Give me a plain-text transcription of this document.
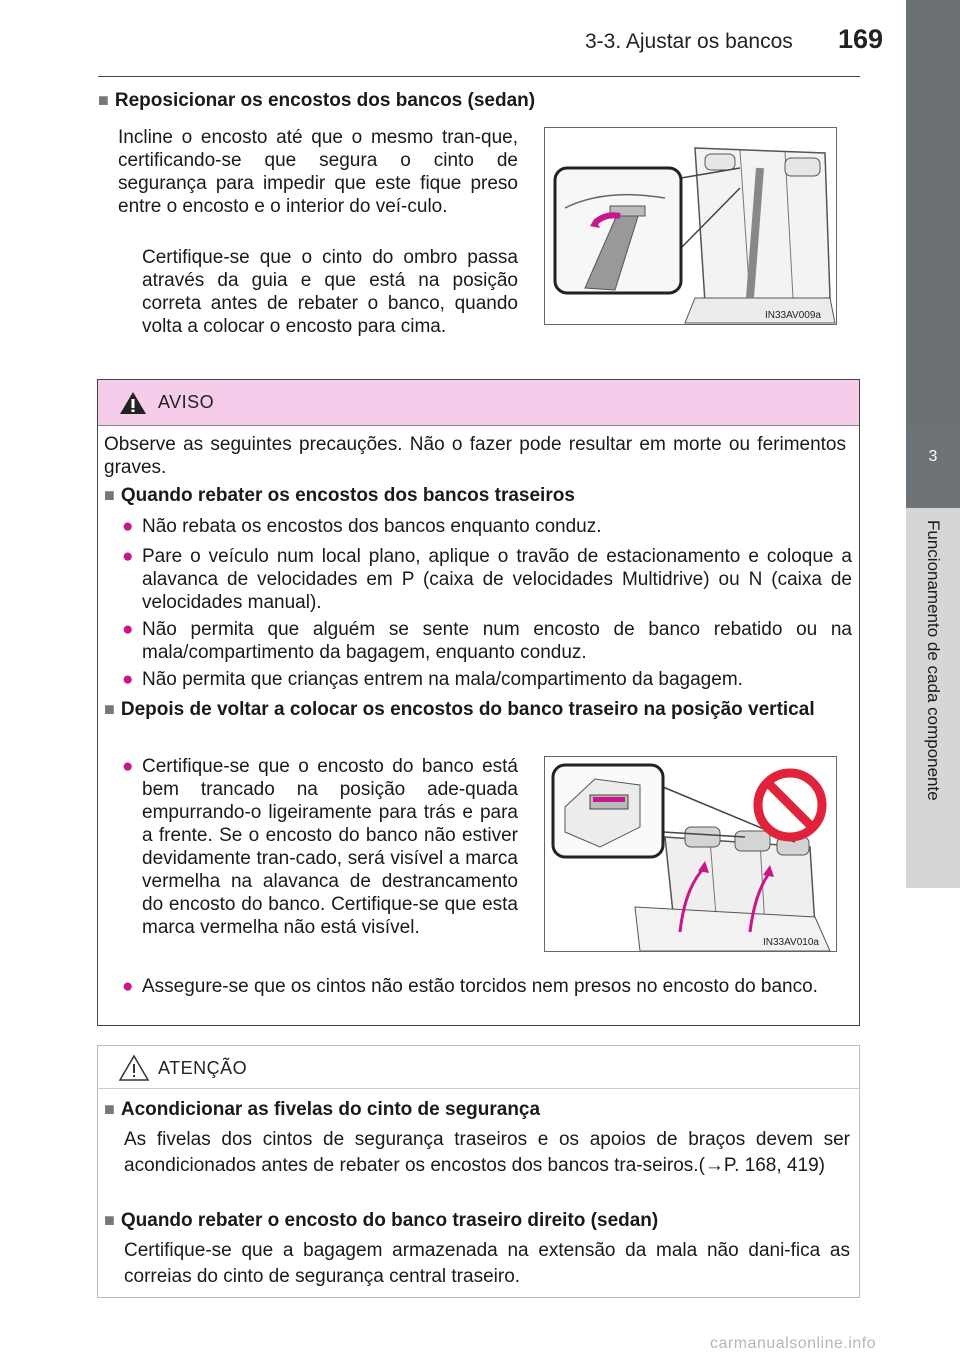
3-3. Ajustar os bancos 169
3
Funcionamento de cada componente
■ Reposicionar os encostos dos bancos (sedan)
Incline o encosto até que o mesmo tran-que, certificando-se que segura o cinto de segurança para impedir que este fique preso entre o encosto e o interior do veí-culo.
Certifique-se que o cinto do ombro passa através da guia e que está na posição correta antes de rebater o banco, quando volta a colocar o encosto para cima.
IN33AV009a
AVISO
Observe as seguintes precauções. Não o fazer pode resultar em morte ou ferimentos graves.
■ Quando rebater os encostos dos bancos traseiros
● Não rebata os encostos dos bancos enquanto conduz.
● Pare o veículo num local plano, aplique o travão de estacionamento e coloque a alavanca de velocidades em P (caixa de velocidades Multidrive) ou N (caixa de velocidades manual).
● Não permita que alguém se sente num encosto de banco rebatido ou na mala/compartimento da bagagem, enquanto conduz.
● Não permita que crianças entrem na mala/compartimento da bagagem.
■ Depois de voltar a colocar os encostos do banco traseiro na posição vertical
● Certifique-se que o encosto do banco está bem trancado na posição ade-quada empurrando-o ligeiramente para trás e para a frente. Se o encosto do banco não estiver devidamente tran-cado, será visível a marca vermelha na alavanca de destrancamento do encosto do banco. Certifique-se que esta marca vermelha não está visível.
● Assegure-se que os cintos não estão torcidos nem presos no encosto do banco.
IN33AV010a
ATENÇÃO
■ Acondicionar as fivelas do cinto de segurança
As fivelas dos cintos de segurança traseiros e os apoios de braços devem ser acondicionados antes de rebater os encostos dos bancos tra-seiros.(→P. 168, 419)
■ Quando rebater o encosto do banco traseiro direito (sedan)
Certifique-se que a bagagem armazenada na extensão da mala não dani-fica as correias do cinto de segurança central traseiro.
carmanualsonline.info
